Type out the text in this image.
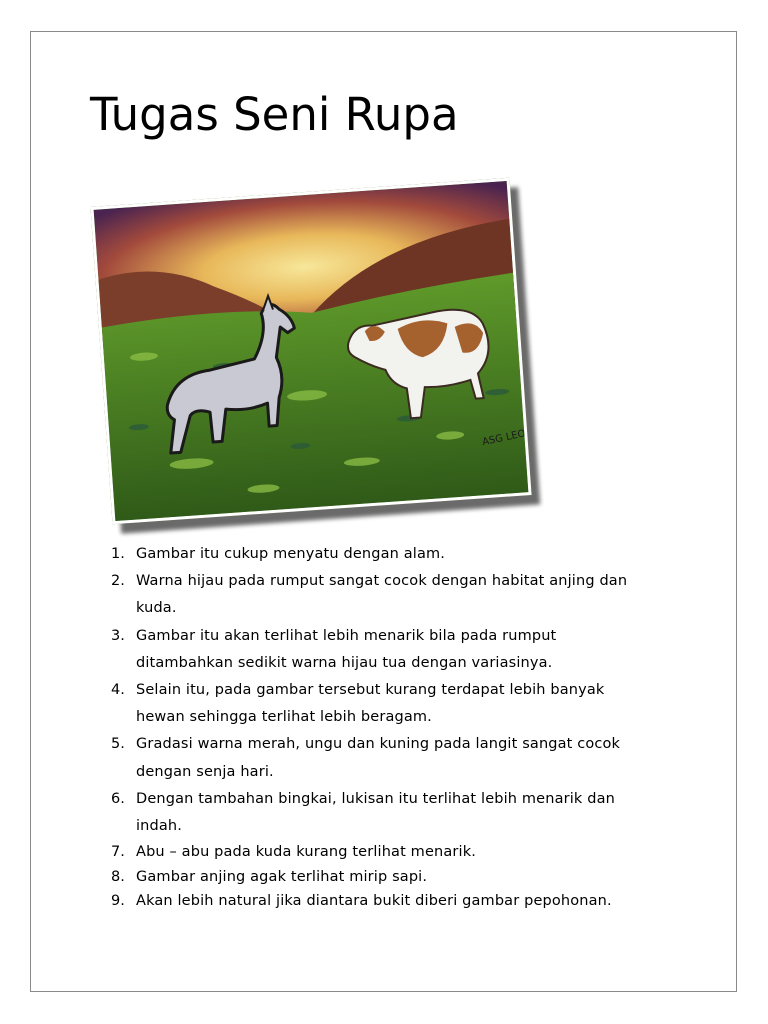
Tugas Seni Rupa
ASG LEO
1. Gambar itu cukup menyatu dengan alam.
2. Warna hijau pada rumput sangat cocok dengan habitat anjing dan
kuda.
3. Gambar itu akan terlihat lebih menarik bila pada rumput
ditambahkan sedikit warna hijau tua dengan variasinya.
4. Selain itu, pada gambar tersebut kurang terdapat lebih banyak
hewan sehingga terlihat lebih beragam.
5. Gradasi warna merah, ungu dan kuning pada langit sangat cocok
dengan senja hari.
6. Dengan tambahan bingkai, lukisan itu terlihat lebih menarik dan
indah.
7. Abu – abu pada kuda kurang terlihat menarik.
8. Gambar anjing agak terlihat mirip sapi.
9. Akan lebih natural jika diantara bukit diberi gambar pepohonan.
